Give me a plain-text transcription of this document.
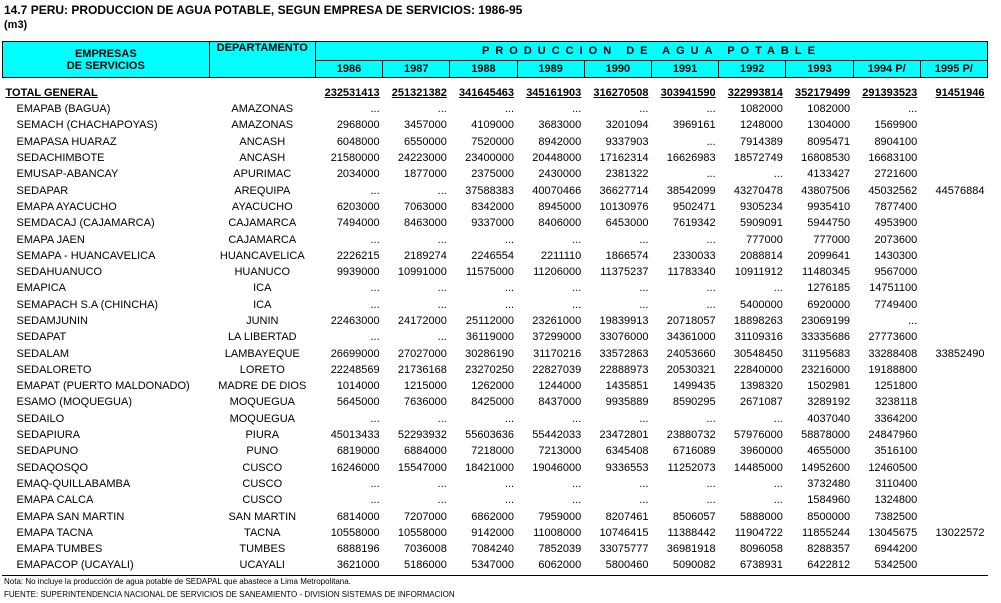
14.7 PERU: PRODUCCION DE AGUA POTABLE, SEGUN EMPRESA DE SERVICIOS: 1986-95
(m3)
EMPRESAS
DE SERVICIOS	DEPARTAMENTO	PRODUCCION DE AGUA POTABLE									
		1986	1987	1988	1989	1990	1991	1992	1993	1994 P/	1995 P/

TOTAL GENERAL		232531413	251321382	341645463	345161903	316270508	303941590	322993814	352179499	291393523	91451946
EMAPAB (BAGUA)	AMAZONAS	...	...	...	...	...	...	1082000	1082000	...	
SEMACH (CHACHAPOYAS)	AMAZONAS	2968000	3457000	4109000	3683000	3201094	3969161	1248000	1304000	1569900	
EMAPASA HUARAZ	ANCASH	6048000	6550000	7520000	8942000	9337903	...	7914389	8095471	8904100	
SEDACHIMBOTE	ANCASH	21580000	24223000	23400000	20448000	17162314	16626983	18572749	16808530	16683100	
EMUSAP-ABANCAY	APURIMAC	2034000	1877000	2375000	2430000	2381322	...	...	4133427	2721600	
SEDAPAR	AREQUIPA	...	...	37588383	40070466	36627714	38542099	43270478	43807506	45032562	44576884
EMAPA AYACUCHO	AYACUCHO	6203000	7063000	8342000	8945000	10130976	9502471	9305234	9935410	7877400	
SEMDACAJ (CAJAMARCA)	CAJAMARCA	7494000	8463000	9337000	8406000	6453000	7619342	5909091	5944750	4953900	
EMAPA JAEN	CAJAMARCA	...	...	...	...	...	...	777000	777000	2073600	
SEMAPA - HUANCAVELICA	HUANCAVELICA	2226215	2189274	2246554	2211110	1866574	2330033	2088814	2099641	1430300	
SEDAHUANUCO	HUANUCO	9939000	10991000	11575000	11206000	11375237	11783340	10911912	11480345	9567000	
EMAPICA	ICA	...	...	...	...	...	...	...	1276185	14751100	
SEMAPACH S.A (CHINCHA)	ICA	...	...	...	...	...	...	5400000	6920000	7749400	
SEDAMJUNIN	JUNIN	22463000	24172000	25112000	23261000	19839913	20718057	18898263	23069199	...	
SEDAPAT	LA LIBERTAD	...	...	36119000	37299000	33076000	34361000	31109316	33335686	27773600	
SEDALAM	LAMBAYEQUE	26699000	27027000	30286190	31170216	33572863	24053660	30548450	31195683	33288408	33852490
SEDALORETO	LORETO	22248569	21736168	23270250	22827039	22888973	20530321	22840000	23216000	19188800	
EMAPAT (PUERTO MALDONADO)	MADRE DE DIOS	1014000	1215000	1262000	1244000	1435851	1499435	1398320	1502981	1251800	
ESAMO (MOQUEGUA)	MOQUEGUA	5645000	7636000	8425000	8437000	9935889	8590295	2671087	3289192	3238118	
SEDAILO	MOQUEGUA	...	...	...	...	...	...	...	4037040	3364200	
SEDAPIURA	PIURA	45013433	52293932	55603636	55442033	23472801	23880732	57976000	58878000	24847960	
SEDAPUNO	PUNO	6819000	6884000	7218000	7213000	6345408	6716089	3960000	4655000	3516100	
SEDAQOSQO	CUSCO	16246000	15547000	18421000	19046000	9336553	11252073	14485000	14952600	12460500	
EMAQ-QUILLABAMBA	CUSCO	...	...	...	...	...	...	...	3732480	3110400	
EMAPA CALCA	CUSCO	...	...	...	...	...	...	...	1584960	1324800	
EMAPA SAN MARTIN	SAN MARTIN	6814000	7207000	6862000	7959000	8207461	8506057	5888000	8500000	7382500	
EMAPA TACNA	TACNA	10558000	10558000	9142000	11008000	10746415	11388442	11904722	11855244	13045675	13022572
EMAPA TUMBES	TUMBES	6888196	7036008	7084240	7852039	33075777	36981918	8096058	8288357	6944200	
EMAPACOP (UCAYALI)	UCAYALI	3621000	5186000	5347000	6062000	5800460	5090082	6738931	6422812	5342500	
Nota: No incluye la producción de agua potable de SEDAPAL que abastece a Lima Metropolitana.
FUENTE: SUPERINTENDENCIA NACIONAL DE SERVICIOS DE SANEAMIENTO - DIVISION SISTEMAS DE INFORMACION
